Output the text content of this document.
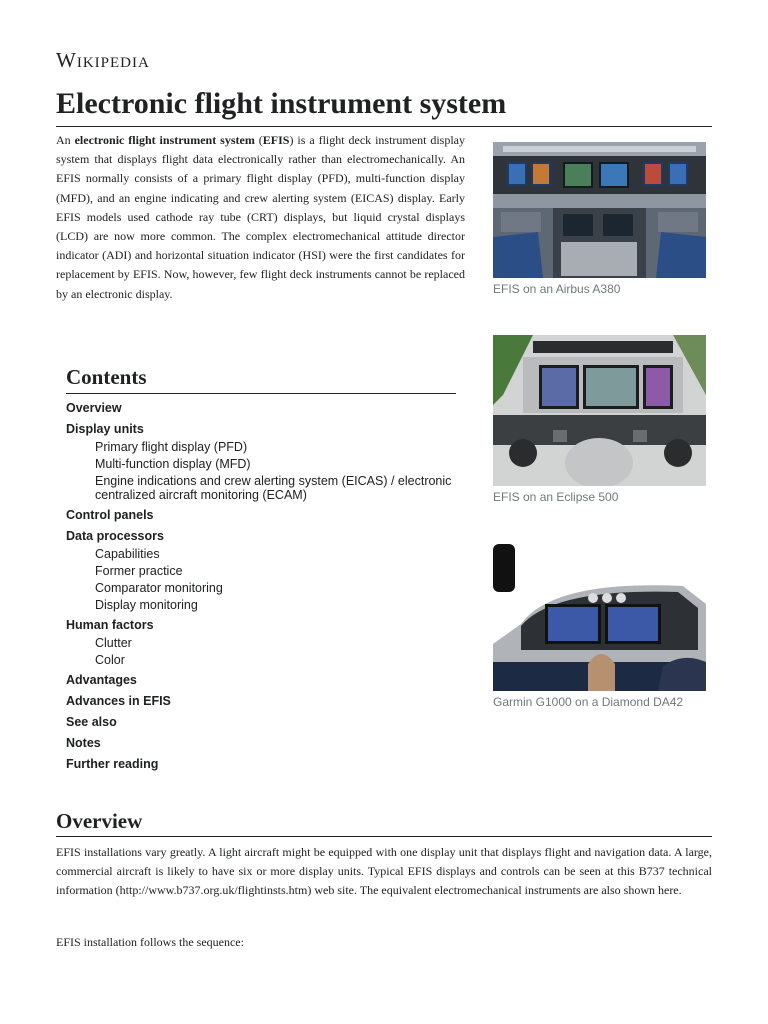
Wikipedia
Electronic flight instrument system

An electronic flight instrument system (EFIS) is a flight deck instrument display system that displays flight data electronically rather than electromechanically. An EFIS normally consists of a primary flight display (PFD), multi-function display (MFD), and an engine indicating and crew alerting system (EICAS) display. Early EFIS models used cathode ray tube (CRT) displays, but liquid crystal displays (LCD) are now more common. The complex electromechanical attitude director indicator (ADI) and horizontal situation indicator (HSI) were the first candidates for replacement by EFIS. Now, however, few flight deck instruments cannot be replaced by an electronic display.	EFIS on an Airbus A380
EFIS on an Eclipse 500
Garmin G1000 on a Diamond DA42
Contents
Overview
Display units
Primary flight display (PFD)
Multi-function display (MFD)
Engine indications and crew alerting system (EICAS) / electronic centralized aircraft monitoring (ECAM)
Control panels
Data processors
Capabilities
Former practice
Comparator monitoring
Display monitoring
Human factors
Clutter
Color
Advantages
Advances in EFIS
See also
Notes
Further reading
Overview

EFIS installations vary greatly. A light aircraft might be equipped with one display unit that displays flight and navigation data. A large, commercial aircraft is likely to have six or more display units. Typical EFIS displays and controls can be seen at this B737 technical information (http://www.b737.org.uk/flightinsts.htm) web site. The equivalent electromechanical instruments are also shown here.

EFIS installation follows the sequence:
